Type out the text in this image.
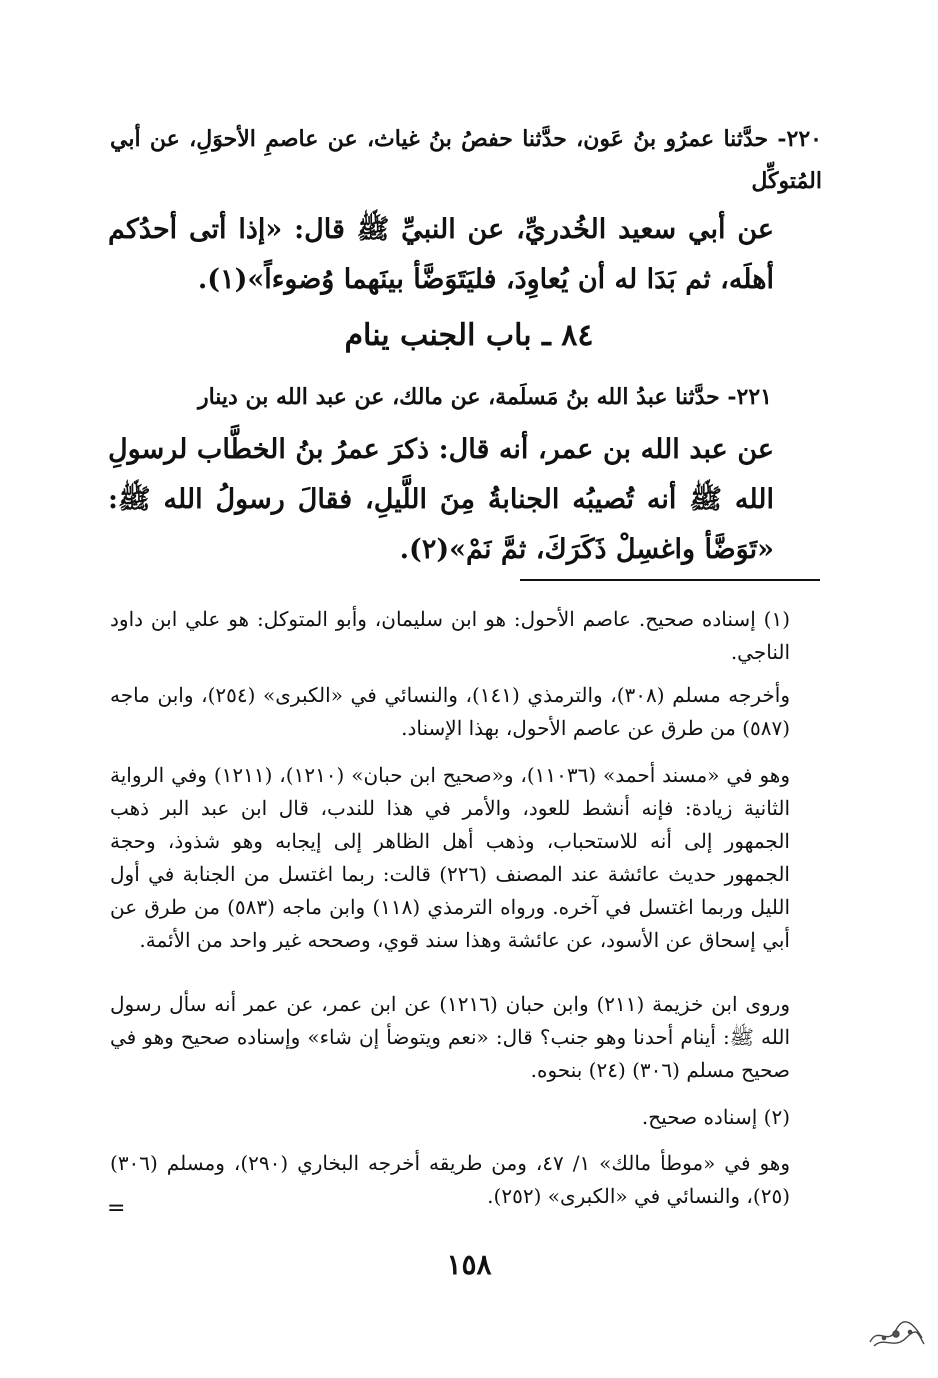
٢٢٠- حدَّثنا عمرُو بنُ عَون، حدَّثنا حفصُ بنُ غياث، عن عاصمِ الأحوَلِ، عن أبي المُتوكِّل
عن أبي سعيد الخُدريِّ، عن النبيِّ ﷺ قال: «إذا أتى أحدُكم أهلَه، ثم بَدَا له أن يُعاوِدَ، فليَتَوَضَّأ بينَهما وُضوءاً»(١).
٨٤ ـ باب الجنب ينام
٢٢١- حدَّثنا عبدُ الله بنُ مَسلَمة، عن مالك، عن عبد الله بن دينار
عن عبد الله بن عمر، أنه قال: ذكرَ عمرُ بنُ الخطَّاب لرسولِ الله ﷺ أنه تُصيبُه الجنابةُ مِنَ اللَّيلِ، فقالَ رسولُ الله ﷺ: «تَوَضَّأ واغسِلْ ذَكَرَكَ، ثمَّ نَمْ»(٢).
(١) إسناده صحيح. عاصم الأحول: هو ابن سليمان، وأبو المتوكل: هو علي ابن داود الناجي.
وأخرجه مسلم (٣٠٨)، والترمذي (١٤١)، والنسائي في «الكبرى» (٢٥٤)، وابن ماجه (٥٨٧) من طرق عن عاصم الأحول، بهذا الإسناد.
وهو في «مسند أحمد» (١١٠٣٦)، و«صحيح ابن حبان» (١٢١٠)، (١٢١١) وفي الرواية الثانية زيادة: فإنه أنشط للعود، والأمر في هذا للندب، قال ابن عبد البر ذهب الجمهور إلى أنه للاستحباب، وذهب أهل الظاهر إلى إيجابه وهو شذوذ، وحجة الجمهور حديث عائشة عند المصنف (٢٢٦) قالت: ربما اغتسل من الجنابة في أول الليل وربما اغتسل في آخره. ورواه الترمذي (١١٨) وابن ماجه (٥٨٣) من طرق عن أبي إسحاق عن الأسود، عن عائشة وهذا سند قوي، وصححه غير واحد من الأئمة.
وروى ابن خزيمة (٢١١) وابن حبان (١٢١٦) عن ابن عمر، عن عمر أنه سأل رسول الله ﷺ: أينام أحدنا وهو جنب؟ قال: «نعم ويتوضأ إن شاء» وإسناده صحيح وهو في صحيح مسلم (٣٠٦) (٢٤) بنحوه.
(٢) إسناده صحيح.
وهو في «موطأ مالك» ١/ ٤٧، ومن طريقه أخرجه البخاري (٢٩٠)، ومسلم (٣٠٦) (٢٥)، والنسائي في «الكبرى» (٢٥٢).
=
١٥٨
